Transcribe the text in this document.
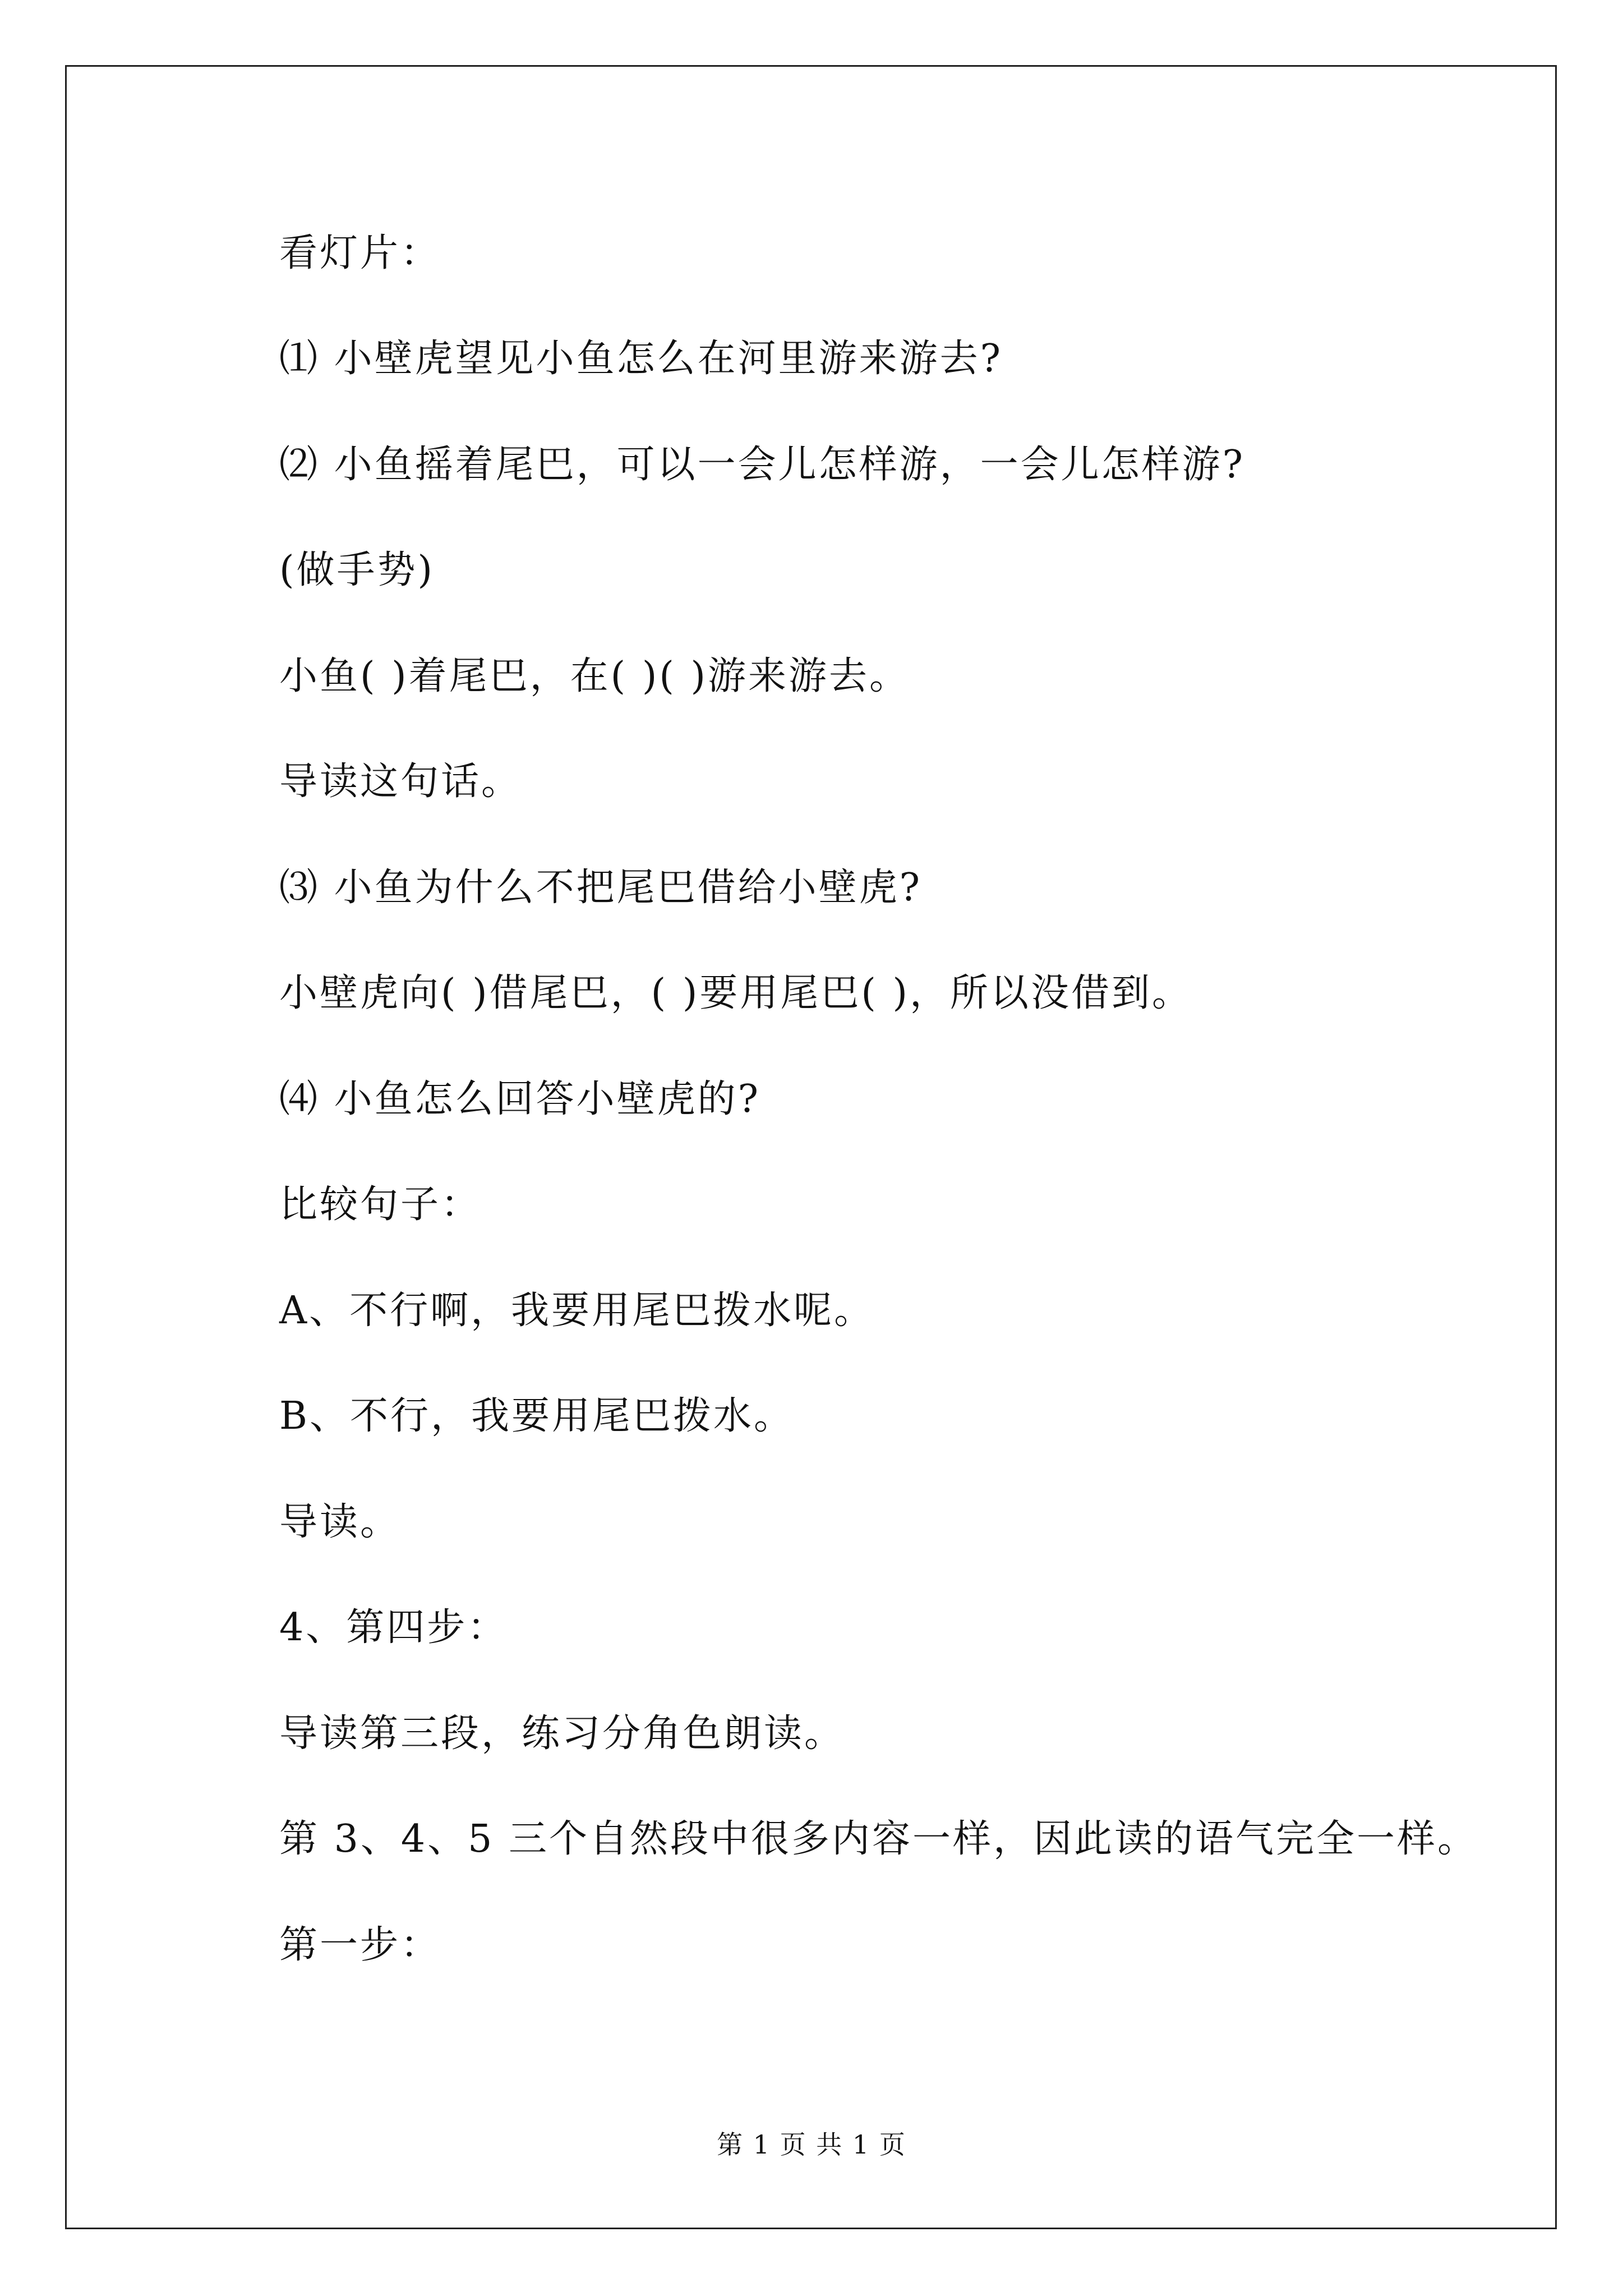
看灯片：
⑴ 小壁虎望见小鱼怎么在河里游来游去?
⑵ 小鱼摇着尾巴，可以一会儿怎样游，一会儿怎样游?
(做手势)
小鱼( )着尾巴，在( )( )游来游去。
导读这句话。
⑶ 小鱼为什么不把尾巴借给小壁虎?
小壁虎向( )借尾巴，( )要用尾巴( )，所以没借到。
⑷ 小鱼怎么回答小壁虎的?
比较句子：
A、不行啊，我要用尾巴拨水呢。
B、不行，我要用尾巴拨水。
导读。
4、第四步：
导读第三段，练习分角色朗读。
第 3、4、5 三个自然段中很多内容一样，因此读的语气完全一样。
第一步：
第 1 页 共 1 页
